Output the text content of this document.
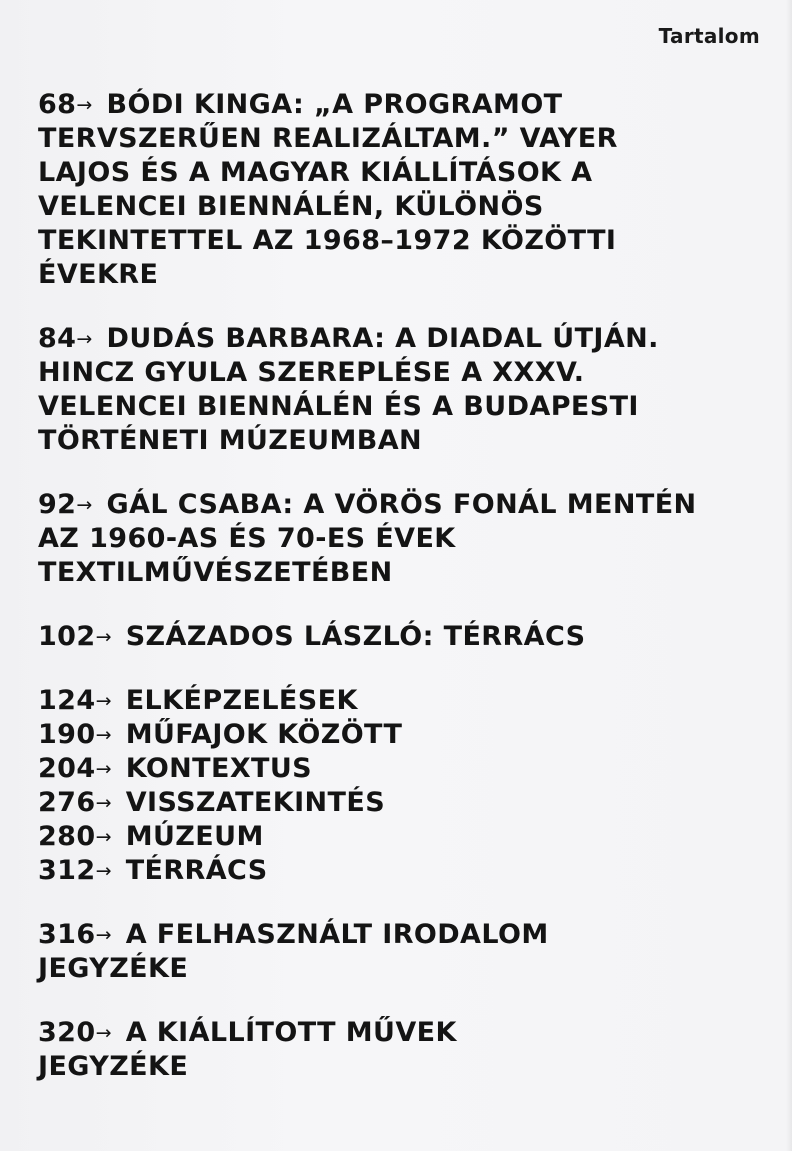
Tartalom
68→ BÓDI KINGA: „A PROGRAMOT TERVSZERŰEN REALIZÁLTAM.” VAYER LAJOS ÉS A MAGYAR KIÁLLÍTÁSOK A VELENCEI BIENNÁLÉN, KÜLÖNÖS TEKINTETTEL AZ 1968–1972 KÖZÖTTI ÉVEKRE
84→ DUDÁS BARBARA: A DIADAL ÚTJÁN. HINCZ GYULA SZEREPLÉSE A XXXV. VELENCEI BIENNÁLÉN ÉS A BUDAPESTI TÖRTÉNETI MÚZEUMBAN
92→ GÁL CSABA: A VÖRÖS FONÁL MENTÉN AZ 1960-AS ÉS 70-ES ÉVEK TEXTILMŰVÉSZETÉBEN
102→ SZÁZADOS LÁSZLÓ: TÉRRÁCS
124→ ELKÉPZELÉSEK
190→ MŰFAJOK KÖZÖTT
204→ KONTEXTUS
276→ VISSZATEKINTÉS
280→ MÚZEUM
312→ TÉRRÁCS
316→ A FELHASZNÁLT IRODALOM JEGYZÉKE
320→ A KIÁLLÍTOTT MŰVEK JEGYZÉKE
